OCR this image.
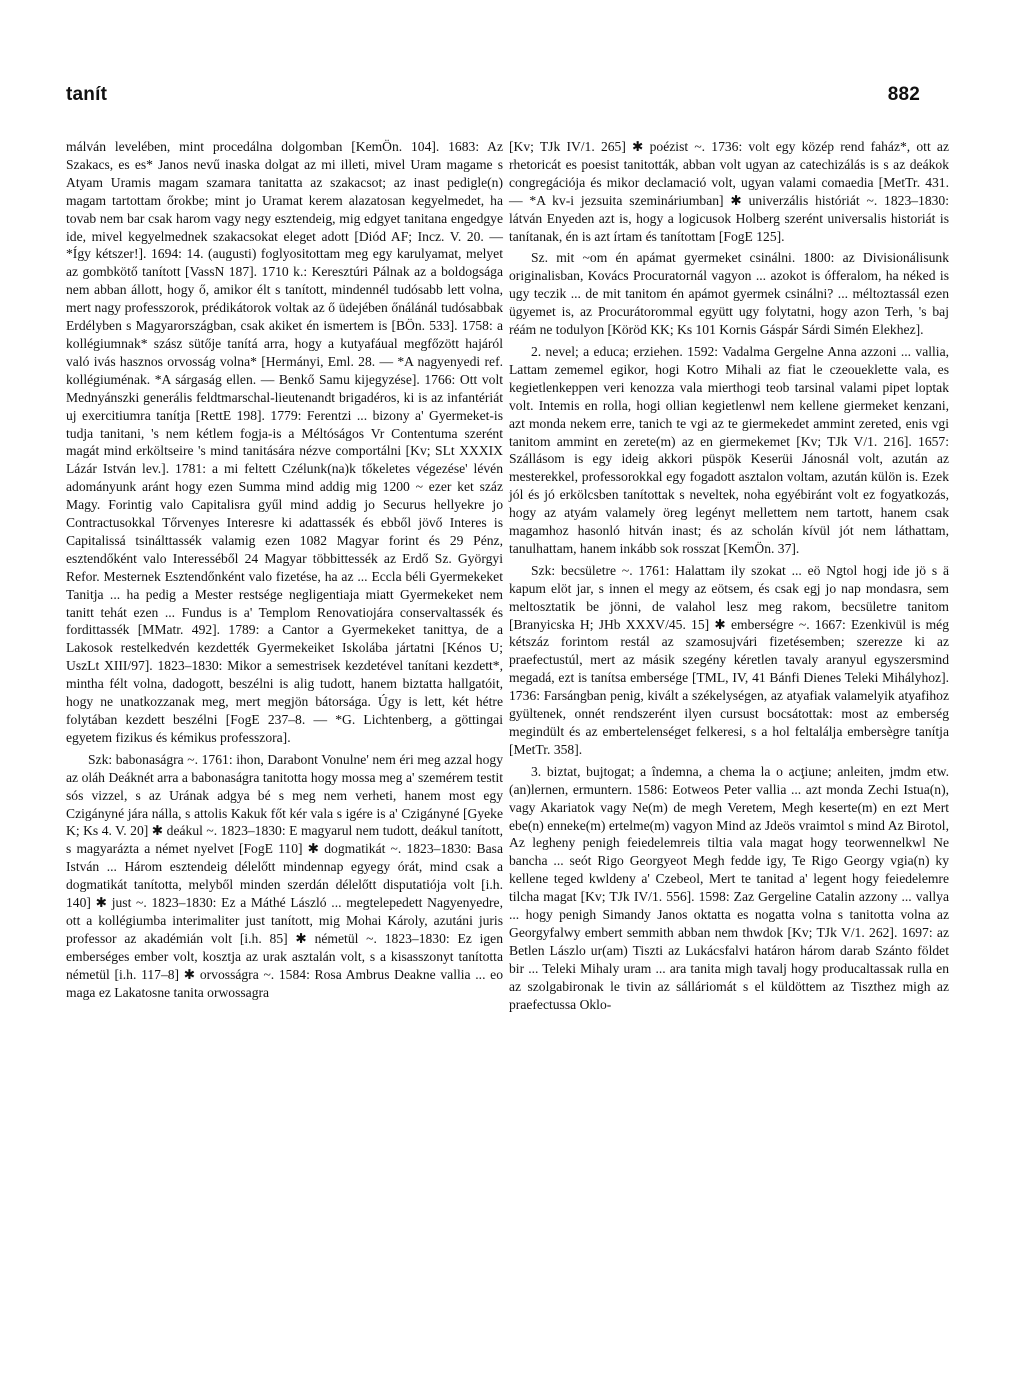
tanít	882

málván levelében, mint procedálna dolgomban [KemÖn. 104]. 1683: Az Szakacs, es es* Janos nevű inaska dolgat az mi illeti, mivel Uram magame s Atyam Uramis magam szamara tanitatta az szakacsot; az inast pedigle(n) magam tartottam őrokbe; mint jo Uramat kerem alazatosan kegyelmedet, ha tovab nem bar csak harom vagy negy esztendeig, mig edgyet tanitana engedgye ide, mivel kegyelmednek szakacsokat eleget adott [Diód AF; Incz. V. 20. — *Így kétszer!]. 1694: 14. (augusti) foglyositottam meg egy karulyamat, melyet az gombkötő tanított [VassN 187]. 1710 k.: Keresztúri Pálnak az a boldogsága nem abban állott, hogy ő, amikor élt s tanított, mindennél tudósabb lett volna, mert nagy professzorok, prédikátorok voltak az ő üdejében őnálánál tudósabbak Erdélyben s Magyarországban, csak akiket én ismertem is [BÖn. 533]. 1758: a kollégiumnak* szász sütője tanítá arra, hogy a kutyafáual megfőzött hajáról való ivás hasznos orvosság volna* [Hermányi, Eml. 28. — *A nagyenyedi ref. kollégiuménak. *A sárgaság ellen. — Benkő Samu kijegyzése]. 1766: Ott volt Mednyánszki generális feldtmarschal-lieutenandt brigadéros, ki is az infantériát uj exercitiumra tanítja [RettE 198]. 1779: Ferentzi ... bizony a' Gyermeket-is tudja tanitani, 's nem kétlem fogja-is a Méltóságos Vr Contentuma szerént magát mind erköltseire 's mind tanitására nézve comportálni [Kv; SLt XXXIX Lázár István lev.]. 1781: a mi feltett Czélunk(na)k tőkeletes végezése' lévén adományunk aránt hogy ezen Summa mind addig mig 1200 ~ ezer ket száz Magy. Forintig valo Capitalisra gyűl mind addig jo Securus hellyekre jo Contractusokkal Tőrvenyes Interesre ki adattassék és ebből jövő Interes is Capitalissá tsinálttassék valamig ezen 1082 Magyar forint és 29 Pénz, esztendőként valo Interesséből 24 Magyar többittessék az Erdő Sz. Györgyi Refor. Mesternek Esztendőnként valo fizetése, ha az ... Eccla béli Gyermekeket Tanitja ... ha pedig a Mester restsége negligentiaja miatt Gyermekeket nem tanitt tehát ezen ... Fundus is a' Templom Renovatiojára conservaltassék és fordittassék [MMatr. 492]. 1789: a Cantor a Gyermekeket tanittya, de a Lakosok restelkedvén kezdették Gyermekeiket Iskolába jártatni [Kénos U; UszLt XIII/97]. 1823–1830: Mikor a semestrisek kezdetével tanítani kezdett*, mintha félt volna, dadogott, beszélni is alig tudott, hanem biztatta hallgatóit, hogy ne unatkozzanak meg, mert megjön bátorsága. Úgy is lett, két hétre folytában kezdett beszélni [FogE 237–8. — *G. Lichtenberg, a göttingai egyetem fizikus és kémikus professzora].

Szk: babonaságra ~. 1761: ihon, Darabont Vonulne' nem éri meg azzal hogy az oláh Deáknét arra a babonaságra tanitotta hogy mossa meg a' szemérem testit sós vizzel, s az Urának adgya bé s meg nem verheti, hanem most egy Czigányné jára nálla, s attolis Kakuk főt kér vala s igére is a' Czigányné [Gyeke K; Ks 4. V. 20] ✱ deákul ~. 1823–1830: E magyarul nem tudott, deákul tanított, s magyarázta a német nyelvet [FogE 110] ✱ dogmatikát ~. 1823–1830: Basa István ... Három esztendeig délelőtt mindennap egyegy órát, mind csak a dogmatikát tanította, melyből minden szerdán délelőtt disputatiója volt [i.h. 140] ✱ just ~. 1823–1830: Ez a Máthé László ... megtelepedett Nagyenyedre, ott a kollégiumba interimaliter just tanított, mig Mohai Károly, azutáni juris professor az akadémián volt [i.h. 85] ✱ németül ~. 1823–1830: Ez igen emberséges ember volt, kosztja az urak asztalán volt, s a kisasszonyt tanította németül [i.h. 117–8] ✱ orvosságra ~. 1584: Rosa Ambrus Deakne vallia ... eo maga ez Lakatosne tanita orwossagra

[Kv; TJk IV/1. 265] ✱ poézist ~. 1736: volt egy közép rend faház*, ott az rhetoricát es poesist tanitották, abban volt ugyan az catechizálás is s az deákok congregációja és mikor declamació volt, ugyan valami comaedia [MetTr. 431. — *A kv-i jezsuita szemináriumban] ✱ univerzális históriát ~. 1823–1830: látván Enyeden azt is, hogy a logicusok Holberg szerént universalis historiát is tanítanak, én is azt írtam és tanítottam [FogE 125].

Sz. mit ~om én apámat gyermeket csinálni. 1800: az Divisionálisunk originalisban, Kovács Procuratornál vagyon ... azokot is ófferalom, ha néked is ugy teczik ... de mit tanitom én apámot gyermek csinálni? ... méltoztassál ezen ügyemet is, az Procurátorommal együtt ugy folytatni, hogy azon Terh, 's baj réám ne todulyon [Köröd KK; Ks 101 Kornis Gáspár Sárdi Simén Elekhez].

2. nevel; a educa; erziehen. 1592: Vadalma Gergelne Anna azzoni ... vallia, Lattam zememel egikor, hogi Kotro Mihali az fiat le czeoueklette vala, es kegietlenkeppen veri kenozza vala mierthogi teob tarsinal valami pipet loptak volt. Intemis en rolla, hogi ollian kegietlenwl nem kellene giermeket kenzani, azt monda nekem erre, tanich te vgi az te giermekedet ammint zereted, enis vgi tanitom ammint en zerete(m) az en giermekemet [Kv; TJk V/1. 216]. 1657: Szállásom is egy ideig akkori püspök Keserüi Jánosnál volt, azután az mesterekkel, professorokkal egy fogadott asztalon voltam, azután külön is. Ezek jól és jó erkölcsben tanítottak s neveltek, noha egyébiránt volt ez fogyatkozás, hogy az atyám valamely öreg legényt mellettem nem tartott, hanem csak magamhoz hasonló hitván inast; és az scholán kívül jót nem láthattam, tanulhattam, hanem inkább sok rosszat [KemÖn. 37].

Szk: becsületre ~. 1761: Halattam ily szokat ... eö Ngtol hogj ide jö s ä kapum elöt jar, s innen el megy az eötsem, és csak egj jo nap mondasra, sem meltosztatik be jönni, de valahol lesz meg rakom, becsületre tanitom [Branyicska H; JHb XXXV/45. 15] ✱ emberségre ~. 1667: Ezenkivül is még kétszáz forintom restál az szamosujvári fizetésemben; szerezze ki az praefectustúl, mert az másik szegény kéretlen tavaly aranyul egyszersmind megadá, ezt is tanítsa embersége [TML, IV, 41 Bánfi Dienes Teleki Mihályhoz]. 1736: Farsángban penig, kivált a székelységen, az atyafiak valamelyik atyafihoz gyültenek, onnét rendszerént ilyen cursust bocsátottak: most az emberség megindült és az embertelenséget felkeresi, s a hol feltalálja embersègre tanítja [MetTr. 358].

3. biztat, bujtogat; a îndemna, a chema la o acţiune; anleiten, jmdm etw. (an)lernen, ermuntern. 1586: Eotweos Peter vallia ... azt monda Zechi Istua(n), vagy Akariatok vagy Ne(m) de megh Veretem, Megh keserte(m) en ezt Mert ebe(n) enneke(m) ertelme(m) vagyon Mind az Jdeös vraimtol s mind Az Birotol, Az legheny penigh feiedelemreis tiltia vala magat hogy teorwennelkwl Ne bancha ... seót Rigo Georgyeot Megh fedde igy, Te Rigo Georgy vgia(n) ky kellene teged kwldeny a' Czebeol, Mert te tanitad a' legent hogy feiedelemre tilcha magat [Kv; TJk IV/1. 556]. 1598: Zaz Gergeline Catalin azzony ... vallya ... hogy penigh Simandy Janos oktatta es nogatta volna s tanitotta volna az Georgyfalwy embert semmith abban nem thwdok [Kv; TJk V/1. 262]. 1697: az Betlen Lászlo ur(am) Tiszti az Lukácsfalvi határon három darab Szánto földet bir ... Teleki Mihaly uram ... ara tanita migh tavalj hogy producaltassak rulla en az szolgabironak le tivin az sálláriomát s el küldöttem az Tiszthez migh az praefectussa Oklo-
